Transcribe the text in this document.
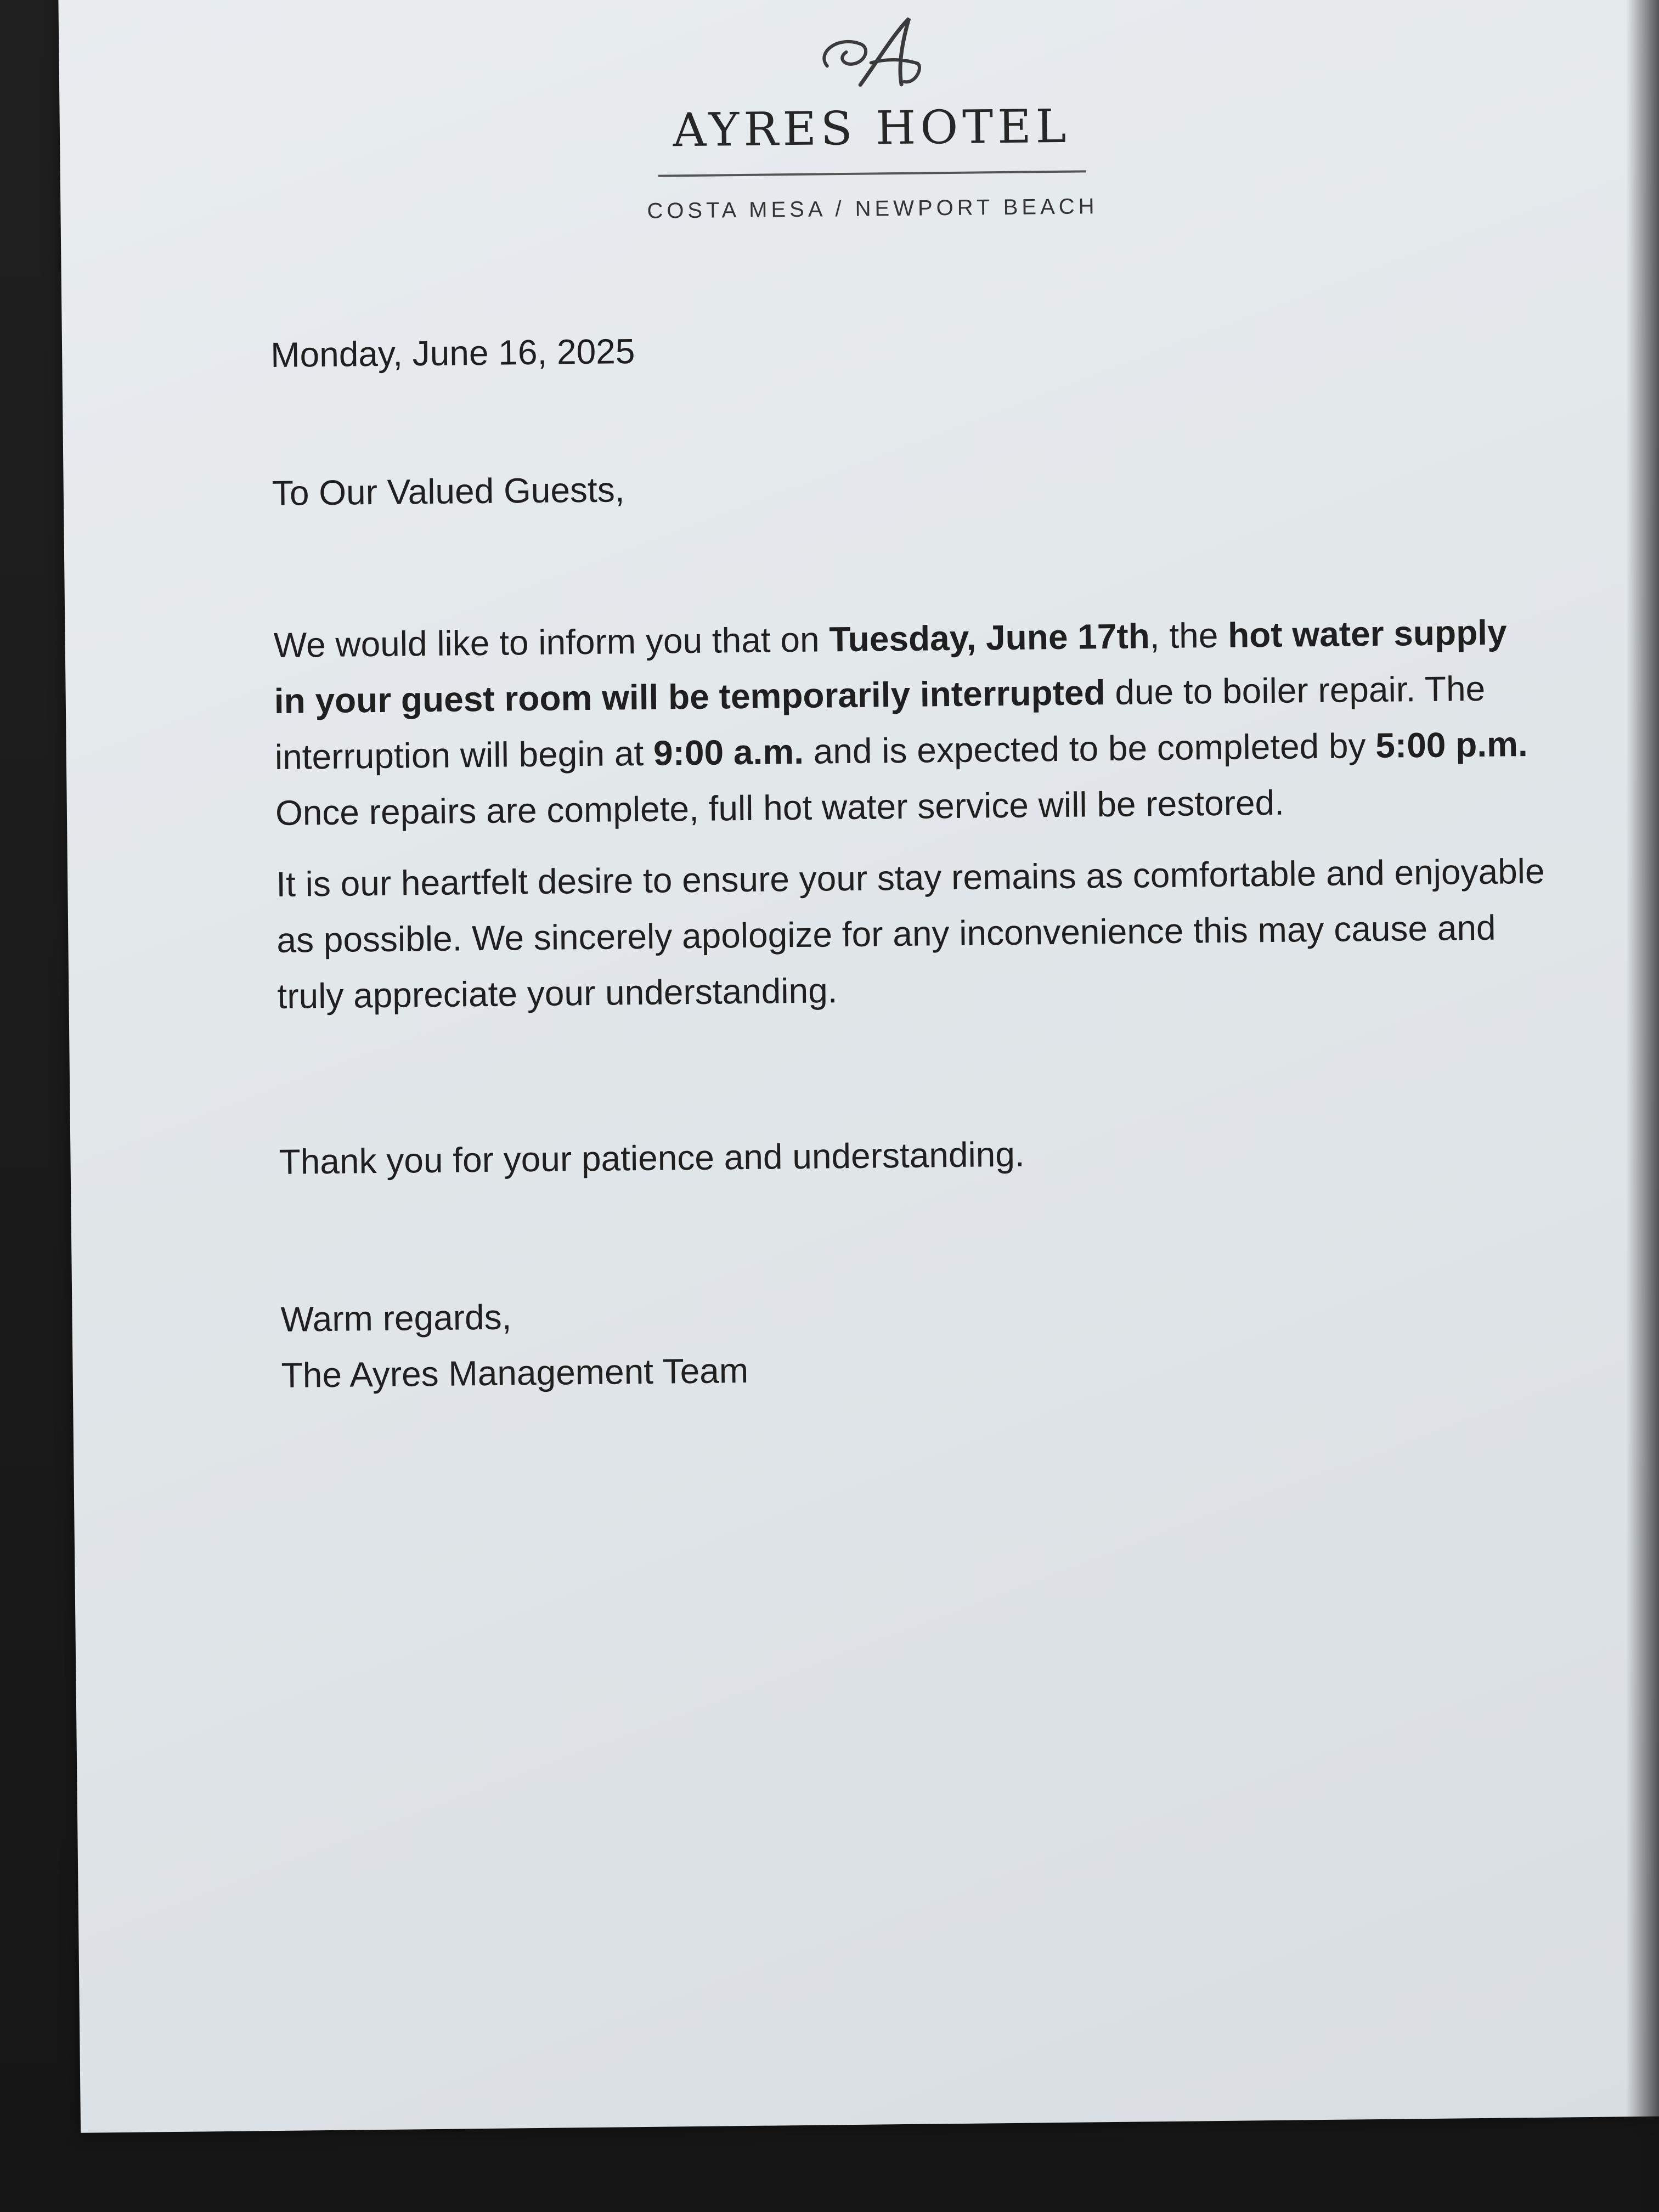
AYRES HOTEL
COSTA MESA / NEWPORT BEACH

Monday, June 16, 2025

To Our Valued Guests,

We would like to inform you that on Tuesday, June 17th, the hot water supply in your guest room will be temporarily interrupted due to boiler repair. The interruption will begin at 9:00 a.m. and is expected to be completed by 5:00 p.m. Once repairs are complete, full hot water service will be restored.

It is our heartfelt desire to ensure your stay remains as comfortable and enjoyable as possible. We sincerely apologize for any inconvenience this may cause and truly appreciate your understanding.

Thank you for your patience and understanding.

Warm regards,

The Ayres Management Team
